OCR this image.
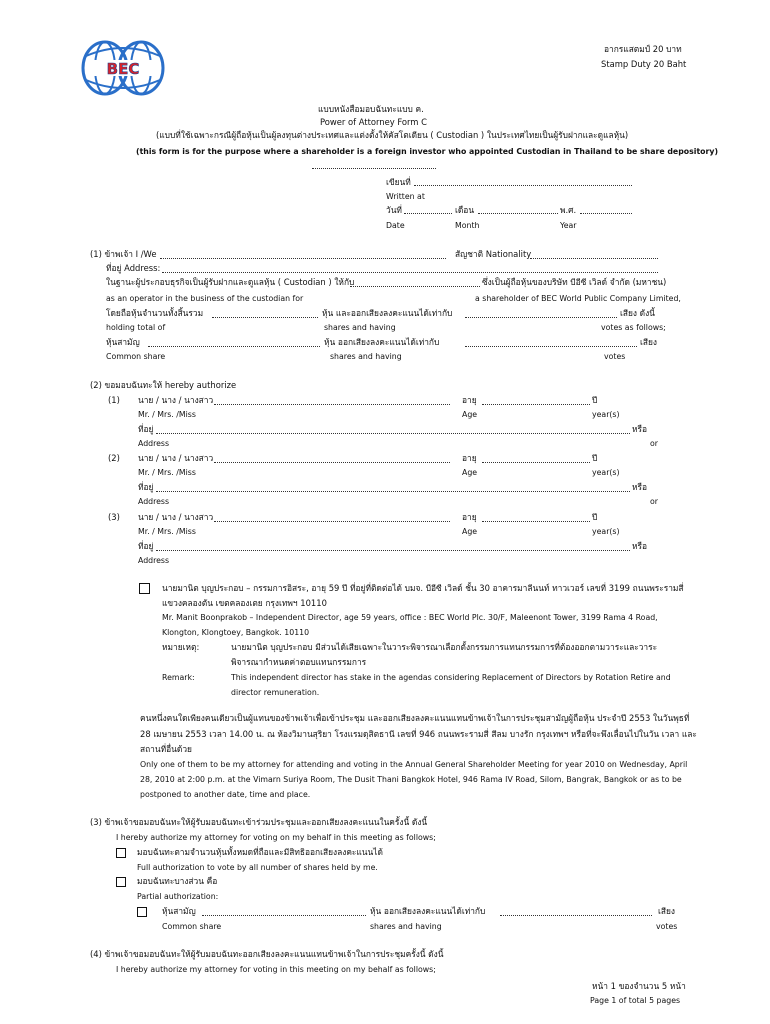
BEC
อากรแสตมป์ 20 บาท
Stamp Duty 20 Baht
แบบหนังสือมอบฉันทะแบบ ค.
Power of Attorney Form C
(แบบที่ใช้เฉพาะกรณีผู้ถือหุ้นเป็นผู้ลงทุนต่างประเทศและแต่งตั้งให้คัสโตเดียน ( Custodian ) ในประเทศไทยเป็นผู้รับฝากและดูแลหุ้น)
(this form is for the purpose where a shareholder is a foreign investor who appointed Custodian in Thailand to be share depository)
เขียนที่
Written at
วันที่	เดือน	พ.ศ.
Date	Month	Year
(1) ข้าพเจ้า I /We	สัญชาติ Nationality
ที่อยู่ Address:
ในฐานะผู้ประกอบธุรกิจเป็นผู้รับฝากและดูแลหุ้น ( Custodian ) ให้กับ	ซึ่งเป็นผู้ถือหุ้นของบริษัท บีอีซี เวิลด์ จำกัด (มหาชน)
as an operator in the business of the custodian for	a shareholder of BEC World Public Company Limited,
โดยถือหุ้นจำนวนทั้งสิ้นรวม	หุ้น และออกเสียงลงคะแนนได้เท่ากับ	เสียง ดังนี้
holding total of	shares and having	votes as follows;
หุ้นสามัญ	หุ้น ออกเสียงลงคะแนนได้เท่ากับ	เสียง
Common share	shares and having	votes
(2) ขอมอบฉันทะให้ hereby authorize
(1) นาย / นาง / นางสาว	อายุ	ปี
Mr. / Mrs. /Miss	Age	year(s)
ที่อยู่	หรือ
Address	or
(2) นาย / นาง / นางสาว	อายุ	ปี
Mr. / Mrs. /Miss	Age	year(s)
ที่อยู่	หรือ
Address	or
(3) นาย / นาง / นางสาว	อายุ	ปี
Mr. / Mrs. /Miss	Age	year(s)
ที่อยู่	หรือ
Address
นายมานิต บุญประกอบ – กรรมการอิสระ, อายุ 59 ปี ที่อยู่ที่ติดต่อได้ บมจ. บีอีซี เวิลด์ ชั้น 30 อาคารมาลีนนท์ ทาวเวอร์ เลขที่ 3199 ถนนพระรามสี่
แขวงคลองตัน เขตคลองเตย กรุงเทพฯ 10110
Mr. Manit Boonprakob – Independent Director, age 59 years, office : BEC World Plc. 30/F, Maleenont Tower, 3199 Rama 4 Road,
Klongton, Klongtoey, Bangkok. 10110
หมายเหตุ:	นายมานิต บุญประกอบ มีส่วนได้เสียเฉพาะในวาระพิจารณาเลือกตั้งกรรมการแทนกรรมการที่ต้องออกตามวาระและวาระ
พิจารณากำหนดค่าตอบแทนกรรมการ
Remark:	This independent director has stake in the agendas considering Replacement of Directors by Rotation Retire and
director remuneration.
คนหนึ่งคนใดเพียงคนเดียวเป็นผู้แทนของข้าพเจ้าเพื่อเข้าประชุม และออกเสียงลงคะแนนแทนข้าพเจ้าในการประชุมสามัญผู้ถือหุ้น ประจำปี 2553 ในวันพุธที่
28 เมษายน 2553 เวลา 14.00 น. ณ ห้องวิมานสุริยา โรงแรมดุสิตธานี เลขที่ 946 ถนนพระรามสี่ สีลม บางรัก กรุงเทพฯ หรือที่จะพึงเลื่อนไปในวัน เวลา และ
สถานที่อื่นด้วย
Only one of them to be my attorney for attending and voting in the Annual General Shareholder Meeting for year 2010 on Wednesday, April
28, 2010 at 2:00 p.m. at the Vimarn Suriya Room, The Dusit Thani Bangkok Hotel, 946 Rama IV Road, Silom, Bangrak, Bangkok or as to be
postponed to another date, time and place.
(3) ข้าพเจ้าขอมอบฉันทะให้ผู้รับมอบฉันทะเข้าร่วมประชุมและออกเสียงลงคะแนนในครั้งนี้ ดังนี้
I hereby authorize my attorney for voting on my behalf in this meeting as follows;
มอบฉันทะตามจำนวนหุ้นทั้งหมดที่ถือและมีสิทธิออกเสียงลงคะแนนได้
Full authorization to vote by all number of shares held by me.
มอบฉันทะบางส่วน คือ
Partial authorization:
หุ้นสามัญ	หุ้น ออกเสียงลงคะแนนได้เท่ากับ	เสียง
Common share	shares and having	votes
(4) ข้าพเจ้าขอมอบฉันทะให้ผู้รับมอบฉันทะออกเสียงลงคะแนนแทนข้าพเจ้าในการประชุมครั้งนี้ ดังนี้
I hereby authorize my attorney for voting in this meeting on my behalf as follows;
หน้า 1 ของจำนวน 5 หน้า
Page 1 of total 5 pages
